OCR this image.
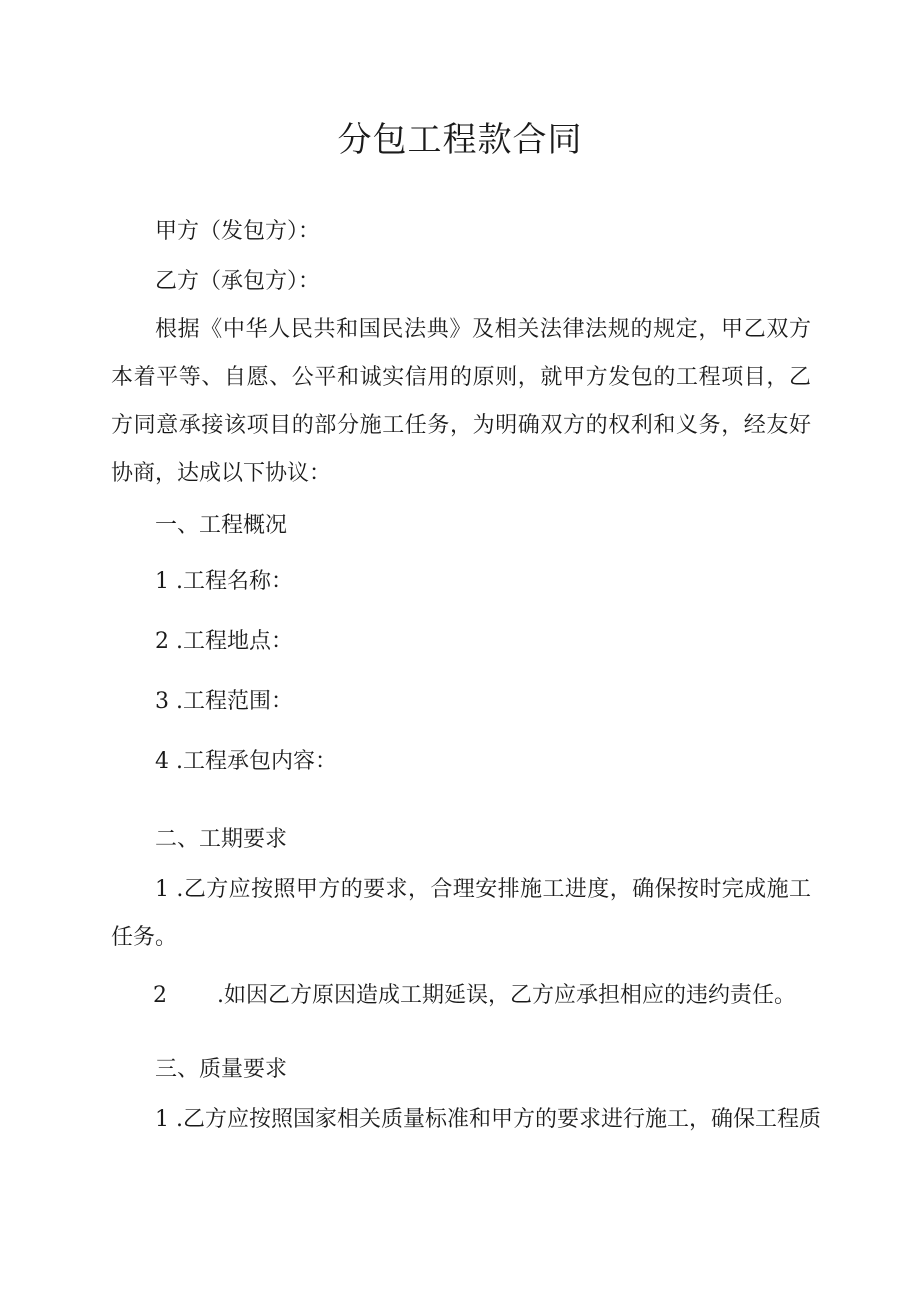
分包工程款合同
甲方（发包方）：
乙方（承包方）：
根据《中华人民共和国民法典》及相关法律法规的规定，甲乙双方本着平等、自愿、公平和诚实信用的原则，就甲方发包的工程项目，乙方同意承接该项目的部分施工任务，为明确双方的权利和义务，经友好协商，达成以下协议：
一、工程概况
1 .工程名称：
2 .工程地点：
3 .工程范围：
4 .工程承包内容：
二、工期要求
1 .乙方应按照甲方的要求，合理安排施工进度，确保按时完成施工任务。
2 .如因乙方原因造成工期延误，乙方应承担相应的违约责任。
三、质量要求
1 .乙方应按照国家相关质量标准和甲方的要求进行施工，确保工程质
